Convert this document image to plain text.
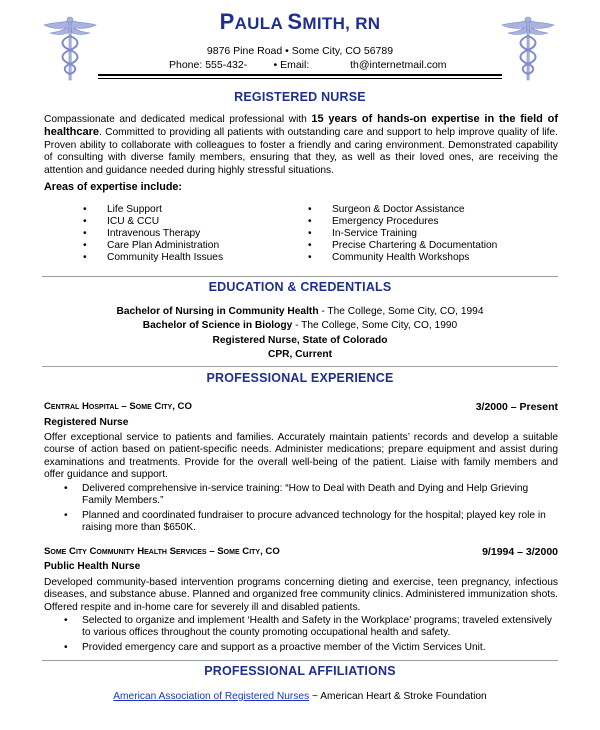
PAULA SMITH, RN
9876 Pine Road • Some City, CO 56789
Phone: 555-432-         • Email:              th@internetmail.com
REGISTERED NURSE

Compassionate and dedicated medical professional with 15 years of hands-on expertise in the field of healthcare. Committed to providing all patients with outstanding care and support to help improve quality of life. Proven ability to collaborate with colleagues to foster a friendly and caring environment. Demonstrated capability of consulting with diverse family members, ensuring that they, as well as their loved ones, are receiving the attention and guidance needed during highly stressful situations.

Areas of expertise include:
• Life Support
• ICU & CCU
• Intravenous Therapy
• Care Plan Administration
• Community Health Issues
• Surgeon & Doctor Assistance
• Emergency Procedures
• In-Service Training
• Precise Chartering & Documentation
• Community Health Workshops
EDUCATION & CREDENTIALS
Bachelor of Nursing in Community Health - The College, Some City, CO, 1994
Bachelor of Science in Biology - The College, Some City, CO, 1990
Registered Nurse, State of Colorado
CPR, Current
PROFESSIONAL EXPERIENCE
Central Hospital – Some City, CO	3/2000 – Present
Registered Nurse
Offer exceptional service to patients and families. Accurately maintain patients’ records and develop a suitable course of action based on patient-specific needs. Administer medications; prepare equipment and assist during examinations and treatments. Provide for the overall well-being of the patient. Liaise with family members and offer guidance and support.
• Delivered comprehensive in-service training: “How to Deal with Death and Dying and Help Grieving Family Members.”
• Planned and coordinated fundraiser to procure advanced technology for the hospital; played key role in raising more than $650K.
Some City Community Health Services – Some City, CO	9/1994 – 3/2000
Public Health Nurse
Developed community-based intervention programs concerning dieting and exercise, teen pregnancy, infectious diseases, and substance abuse. Planned and organized free community clinics. Administered immunization shots. Offered respite and in-home care for severely ill and disabled patients.
• Selected to organize and implement ‘Health and Safety in the Workplace’ programs; traveled extensively to various offices throughout the county promoting occupational health and safety.
• Provided emergency care and support as a proactive member of the Victim Services Unit.
PROFESSIONAL AFFILIATIONS
American Association of Registered Nurses ~ American Heart & Stroke Foundation
